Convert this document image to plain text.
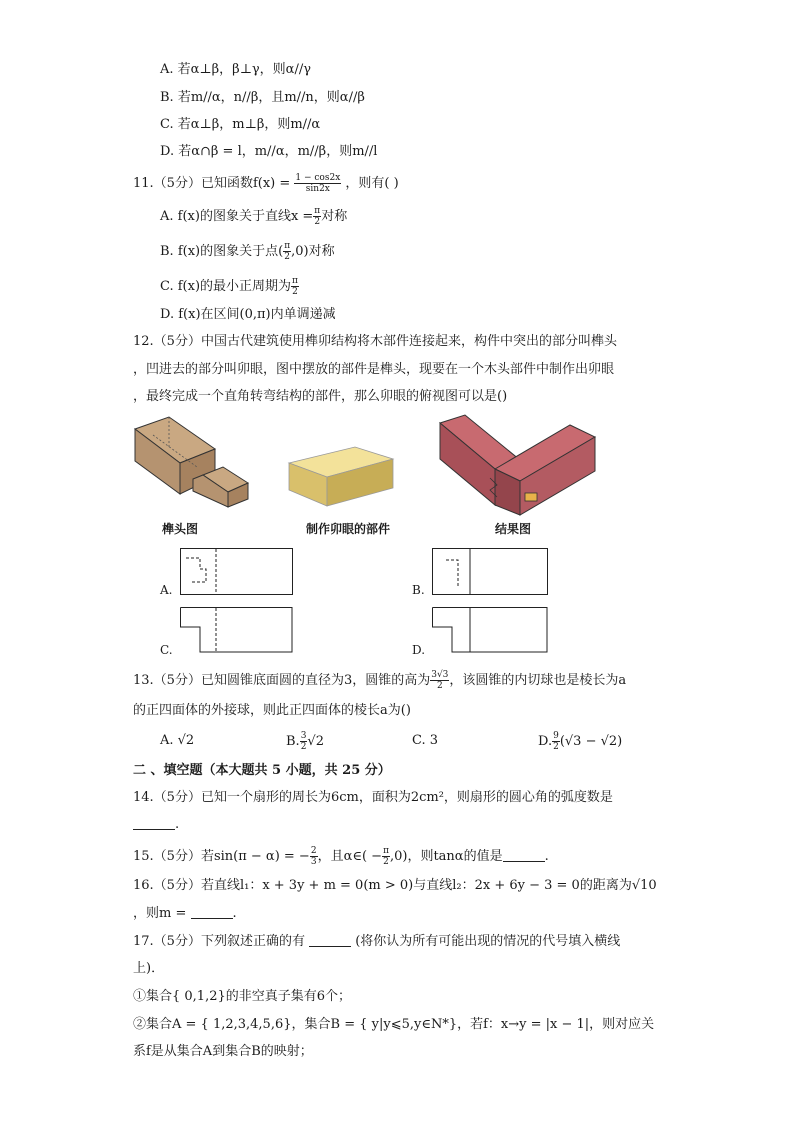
A. 若α⊥β，β⊥γ，则α//γ
B. 若m//α，n//β，且m//n，则α//β
C. 若α⊥β，m⊥β，则m//α
D. 若α∩β = l，m//α，m//β，则m//l
11.（5分）已知函数$f(x) = \frac{1 - \cos 2x}{\sin 2x}$ ，则有( )
A. f(x)的图象关于直线$x = \frac{\pi}{2}$ 对称
B. f(x)的图象关于点( $\frac{\pi}{2} ,0$)对称
C. f(x)的最小正周期为 $\frac{\pi}{2}$
D. f(x)在区间(0,π)内单调递减
12.（5分）中国古代建筑使用榫卯结构将木部件连接起来，构件中突出的部分叫榫头
，凹进去的部分叫卯眼，图中摆放的部件是榫头，现要在一个木头部件中制作出卯眼
，最终完成一个直角转弯结构的部件，那么卯眼的俯视图可以是()
榫头图	制作卯眼的部件	结果图
A.	B.
C.	D.
13.（5分）已知圆锥底面圆的直径为3，圆锥的高为 $\frac{3√3}{2}$ ，该圆锥的内切球也是棱长为a
的正四面体的外接球，则此正四面体的棱长a为()
A. √2	B. $\frac{3}{2} √2$	C. 3	D. $\frac{9}{2} (√3 - √2)$
二 、填空题（本大题共 5 小题，共 25 分）
14.（5分）已知一个扇形的周长为6cm，面积为2cm²，则扇形的圆心角的弧度数是
.
15.（5分）若sin(π − α) = − $\frac{2}{3}$ ，且α∈( − $\frac{\pi}{2} ,0$)，则tanα的值是	.
16.（5分）若直线l₁：x + 3y + m = 0(m > 0)与直线l₂：2x + 6y − 3 = 0的距离为√10
，则m =	.
17.（5分）下列叙述正确的有	(将你认为所有可能出现的情况的代号填入横线
上)．
①集合{ 0,1,2}的非空真子集有6个；
②集合A = { 1,2,3,4,5,6}，集合B = { y|y⩽5,y∈N*}，若f：x→y = |x − 1|，则对应关
系f是从集合A到集合B的映射；
